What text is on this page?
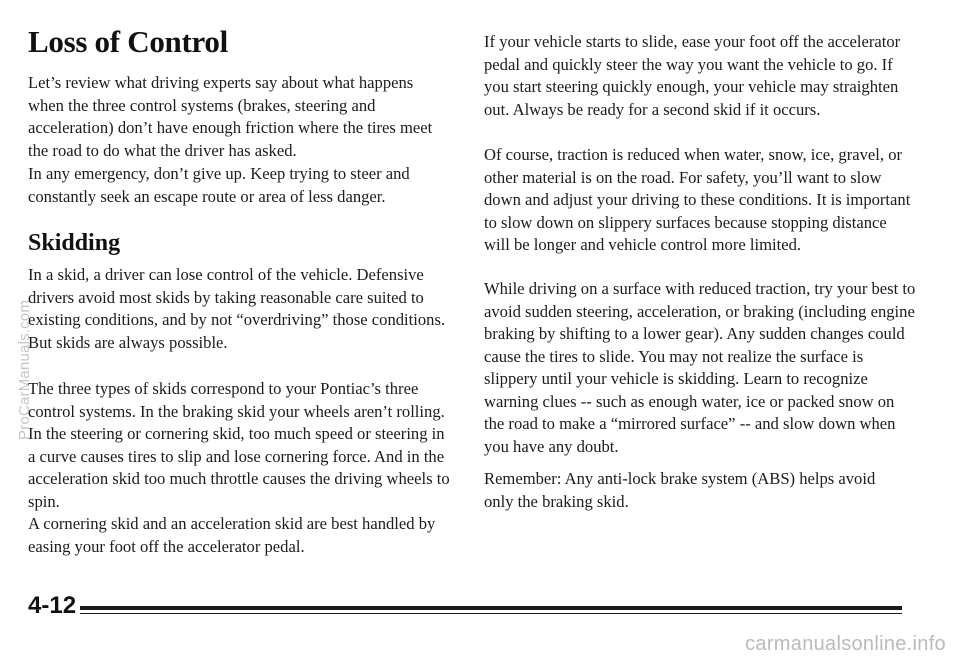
Loss of Control

Let’s review what driving experts say about what happens when the three control systems (brakes, steering and acceleration) don’t have enough friction where the tires meet the road to do what the driver has asked.

In any emergency, don’t give up. Keep trying to steer and constantly seek an escape route or area of less danger.

Skidding

In a skid, a driver can lose control of the vehicle. Defensive drivers avoid most skids by taking reasonable care suited to existing conditions, and by not “overdriving” those conditions. But skids are always possible.

The three types of skids correspond to your Pontiac’s three control systems. In the braking skid your wheels aren’t rolling. In the steering or cornering skid, too much speed or steering in a curve causes tires to slip and lose cornering force. And in the acceleration skid too much throttle causes the driving wheels to spin.

A cornering skid and an acceleration skid are best handled by easing your foot off the accelerator pedal.

If your vehicle starts to slide, ease your foot off the accelerator pedal and quickly steer the way you want the vehicle to go. If you start steering quickly enough, your vehicle may straighten out. Always be ready for a second skid if it occurs.

Of course, traction is reduced when water, snow, ice, gravel, or other material is on the road. For safety, you’ll want to slow down and adjust your driving to these conditions. It is important to slow down on slippery surfaces because stopping distance will be longer and vehicle control more limited.

While driving on a surface with reduced traction, try your best to avoid sudden steering, acceleration, or braking (including engine braking by shifting to a lower gear). Any sudden changes could cause the tires to slide. You may not realize the surface is slippery until your vehicle is skidding. Learn to recognize warning clues -- such as enough water, ice or packed snow on the road to make a “mirrored surface” -- and slow down when you have any doubt.

Remember: Any anti-lock brake system (ABS) helps avoid only the braking skid.

ProCarManuals.com
4-12
carmanualsonline.info
